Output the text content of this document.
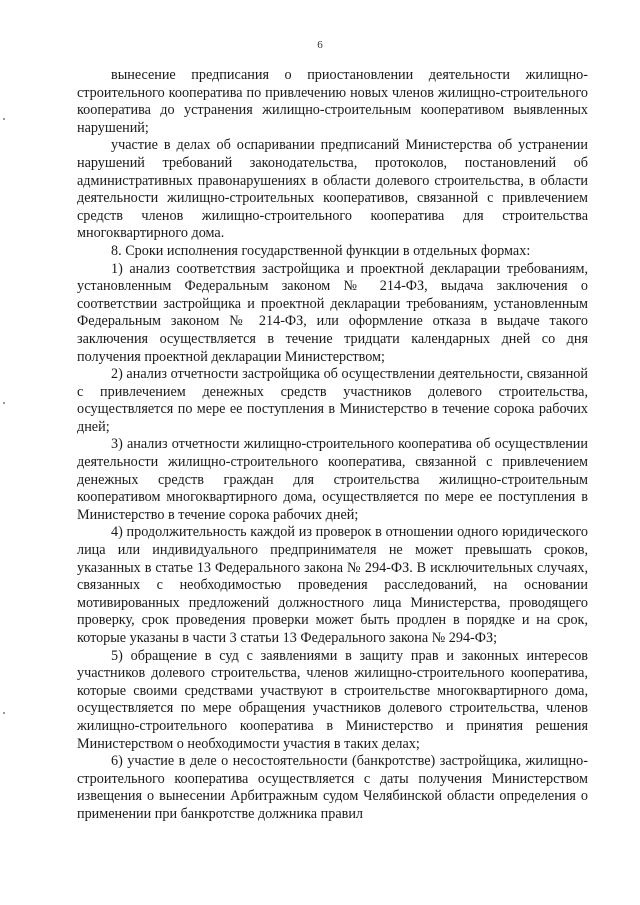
6

вынесение предписания о приостановлении деятельности жилищно-строительного кооператива по привлечению новых членов жилищно-строительного кооператива до устранения жилищно-строительным кооперативом выявленных нарушений;

участие в делах об оспаривании предписаний Министерства об устранении нарушений требований законодательства, протоколов, постановлений об административных правонарушениях в области долевого строительства, в области деятельности жилищно-строительных кооперативов, связанной с привлечением средств членов жилищно-строительного кооператива для строительства многоквартирного дома.

8. Сроки исполнения государственной функции в отдельных формах:

1) анализ соответствия застройщика и проектной декларации требованиям, установленным Федеральным законом № 214-ФЗ, выдача заключения о соответствии застройщика и проектной декларации требованиям, установленным Федеральным законом № 214-ФЗ, или оформление отказа в выдаче такого заключения осуществляется в течение тридцати календарных дней со дня получения проектной декларации Министерством;

2) анализ отчетности застройщика об осуществлении деятельности, связанной с привлечением денежных средств участников долевого строительства, осуществляется по мере ее поступления в Министерство в течение сорока рабочих дней;

3) анализ отчетности жилищно-строительного кооператива об осуществлении деятельности жилищно-строительного кооператива, связанной с привлечением денежных средств граждан для строительства жилищно-строительным кооперативом многоквартирного дома, осуществляется по мере ее поступления в Министерство в течение сорока рабочих дней;

4) продолжительность каждой из проверок в отношении одного юридического лица или индивидуального предпринимателя не может превышать сроков, указанных в статье 13 Федерального закона № 294-ФЗ. В исключительных случаях, связанных с необходимостью проведения расследований, на основании мотивированных предложений должностного лица Министерства, проводящего проверку, срок проведения проверки может быть продлен в порядке и на срок, которые указаны в части 3 статьи 13 Федерального закона № 294-ФЗ;

5) обращение в суд с заявлениями в защиту прав и законных интересов участников долевого строительства, членов жилищно-строительного кооператива, которые своими средствами участвуют в строительстве многоквартирного дома, осуществляется по мере обращения участников долевого строительства, членов жилищно-строительного кооператива в Министерство и принятия решения Министерством о необходимости участия в таких делах;

6) участие в деле о несостоятельности (банкротстве) застройщика, жилищно-строительного кооператива осуществляется с даты получения Министерством извещения о вынесении Арбитражным судом Челябинской области определения о применении при банкротстве должника правил
